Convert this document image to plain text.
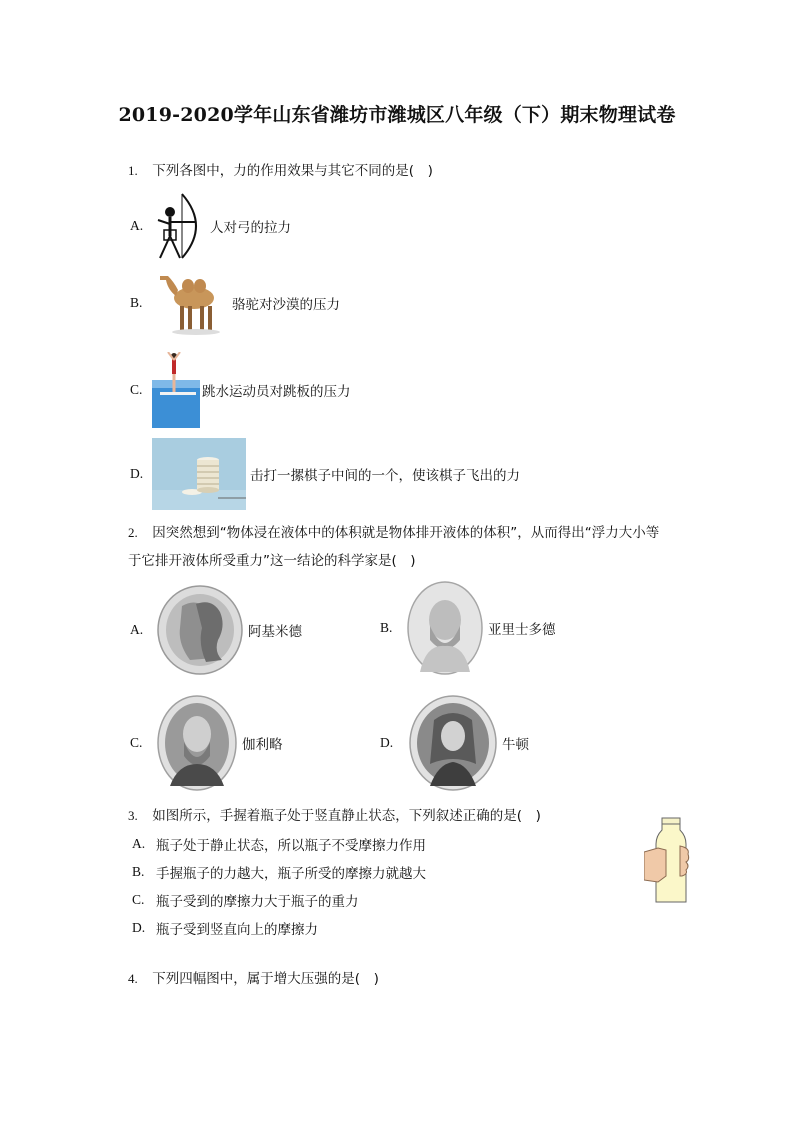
2019-2020学年山东省潍坊市潍城区八年级（下）期末物理试卷
1. 下列各图中，力的作用效果与其它不同的是(　)
A.	人对弓的拉力
B.	骆驼对沙漠的压力
C.	跳水运动员对跳板的压力
D.	击打一摞棋子中间的一个，使该棋子飞出的力
2. 因突然想到“物体浸在液体中的体积就是物体排开液体的体积”，从而得出“浮力大小等
于它排开液体所受重力”这一结论的科学家是(　)
A.	阿基米德	B.	亚里士多德
C.	伽利略	D.	牛顿
3. 如图所示，手握着瓶子处于竖直静止状态，下列叙述正确的是(　)
A. 瓶子处于静止状态，所以瓶子不受摩擦力作用
B. 手握瓶子的力越大，瓶子所受的摩擦力就越大
C. 瓶子受到的摩擦力大于瓶子的重力
D. 瓶子受到竖直向上的摩擦力
4. 下列四幅图中，属于增大压强的是(　)
